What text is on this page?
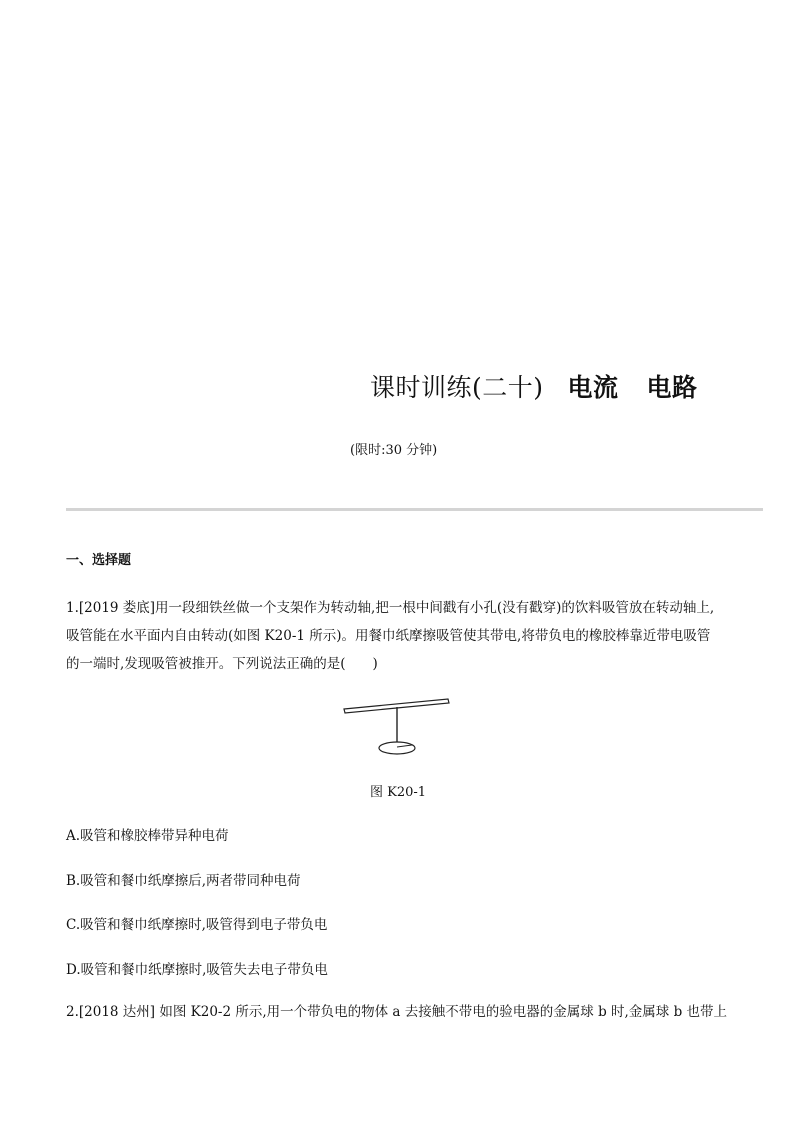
课时训练(二十) 电流 电路
(限时:30 分钟)
一、选择题
1.[2019 娄底]用一段细铁丝做一个支架作为转动轴,把一根中间戳有小孔(没有戳穿)的饮料吸管放在转动轴上,
吸管能在水平面内自由转动(如图 K20-1 所示)。用餐巾纸摩擦吸管使其带电,将带负电的橡胶棒靠近带电吸管
的一端时,发现吸管被推开。下列说法正确的是(　　)
图 K20-1
A.吸管和橡胶棒带异种电荷
B.吸管和餐巾纸摩擦后,两者带同种电荷
C.吸管和餐巾纸摩擦时,吸管得到电子带负电
D.吸管和餐巾纸摩擦时,吸管失去电子带负电
2.[2018 达州] 如图 K20-2 所示,用一个带负电的物体 a 去接触不带电的验电器的金属球 b 时,金属球 b 也带上
